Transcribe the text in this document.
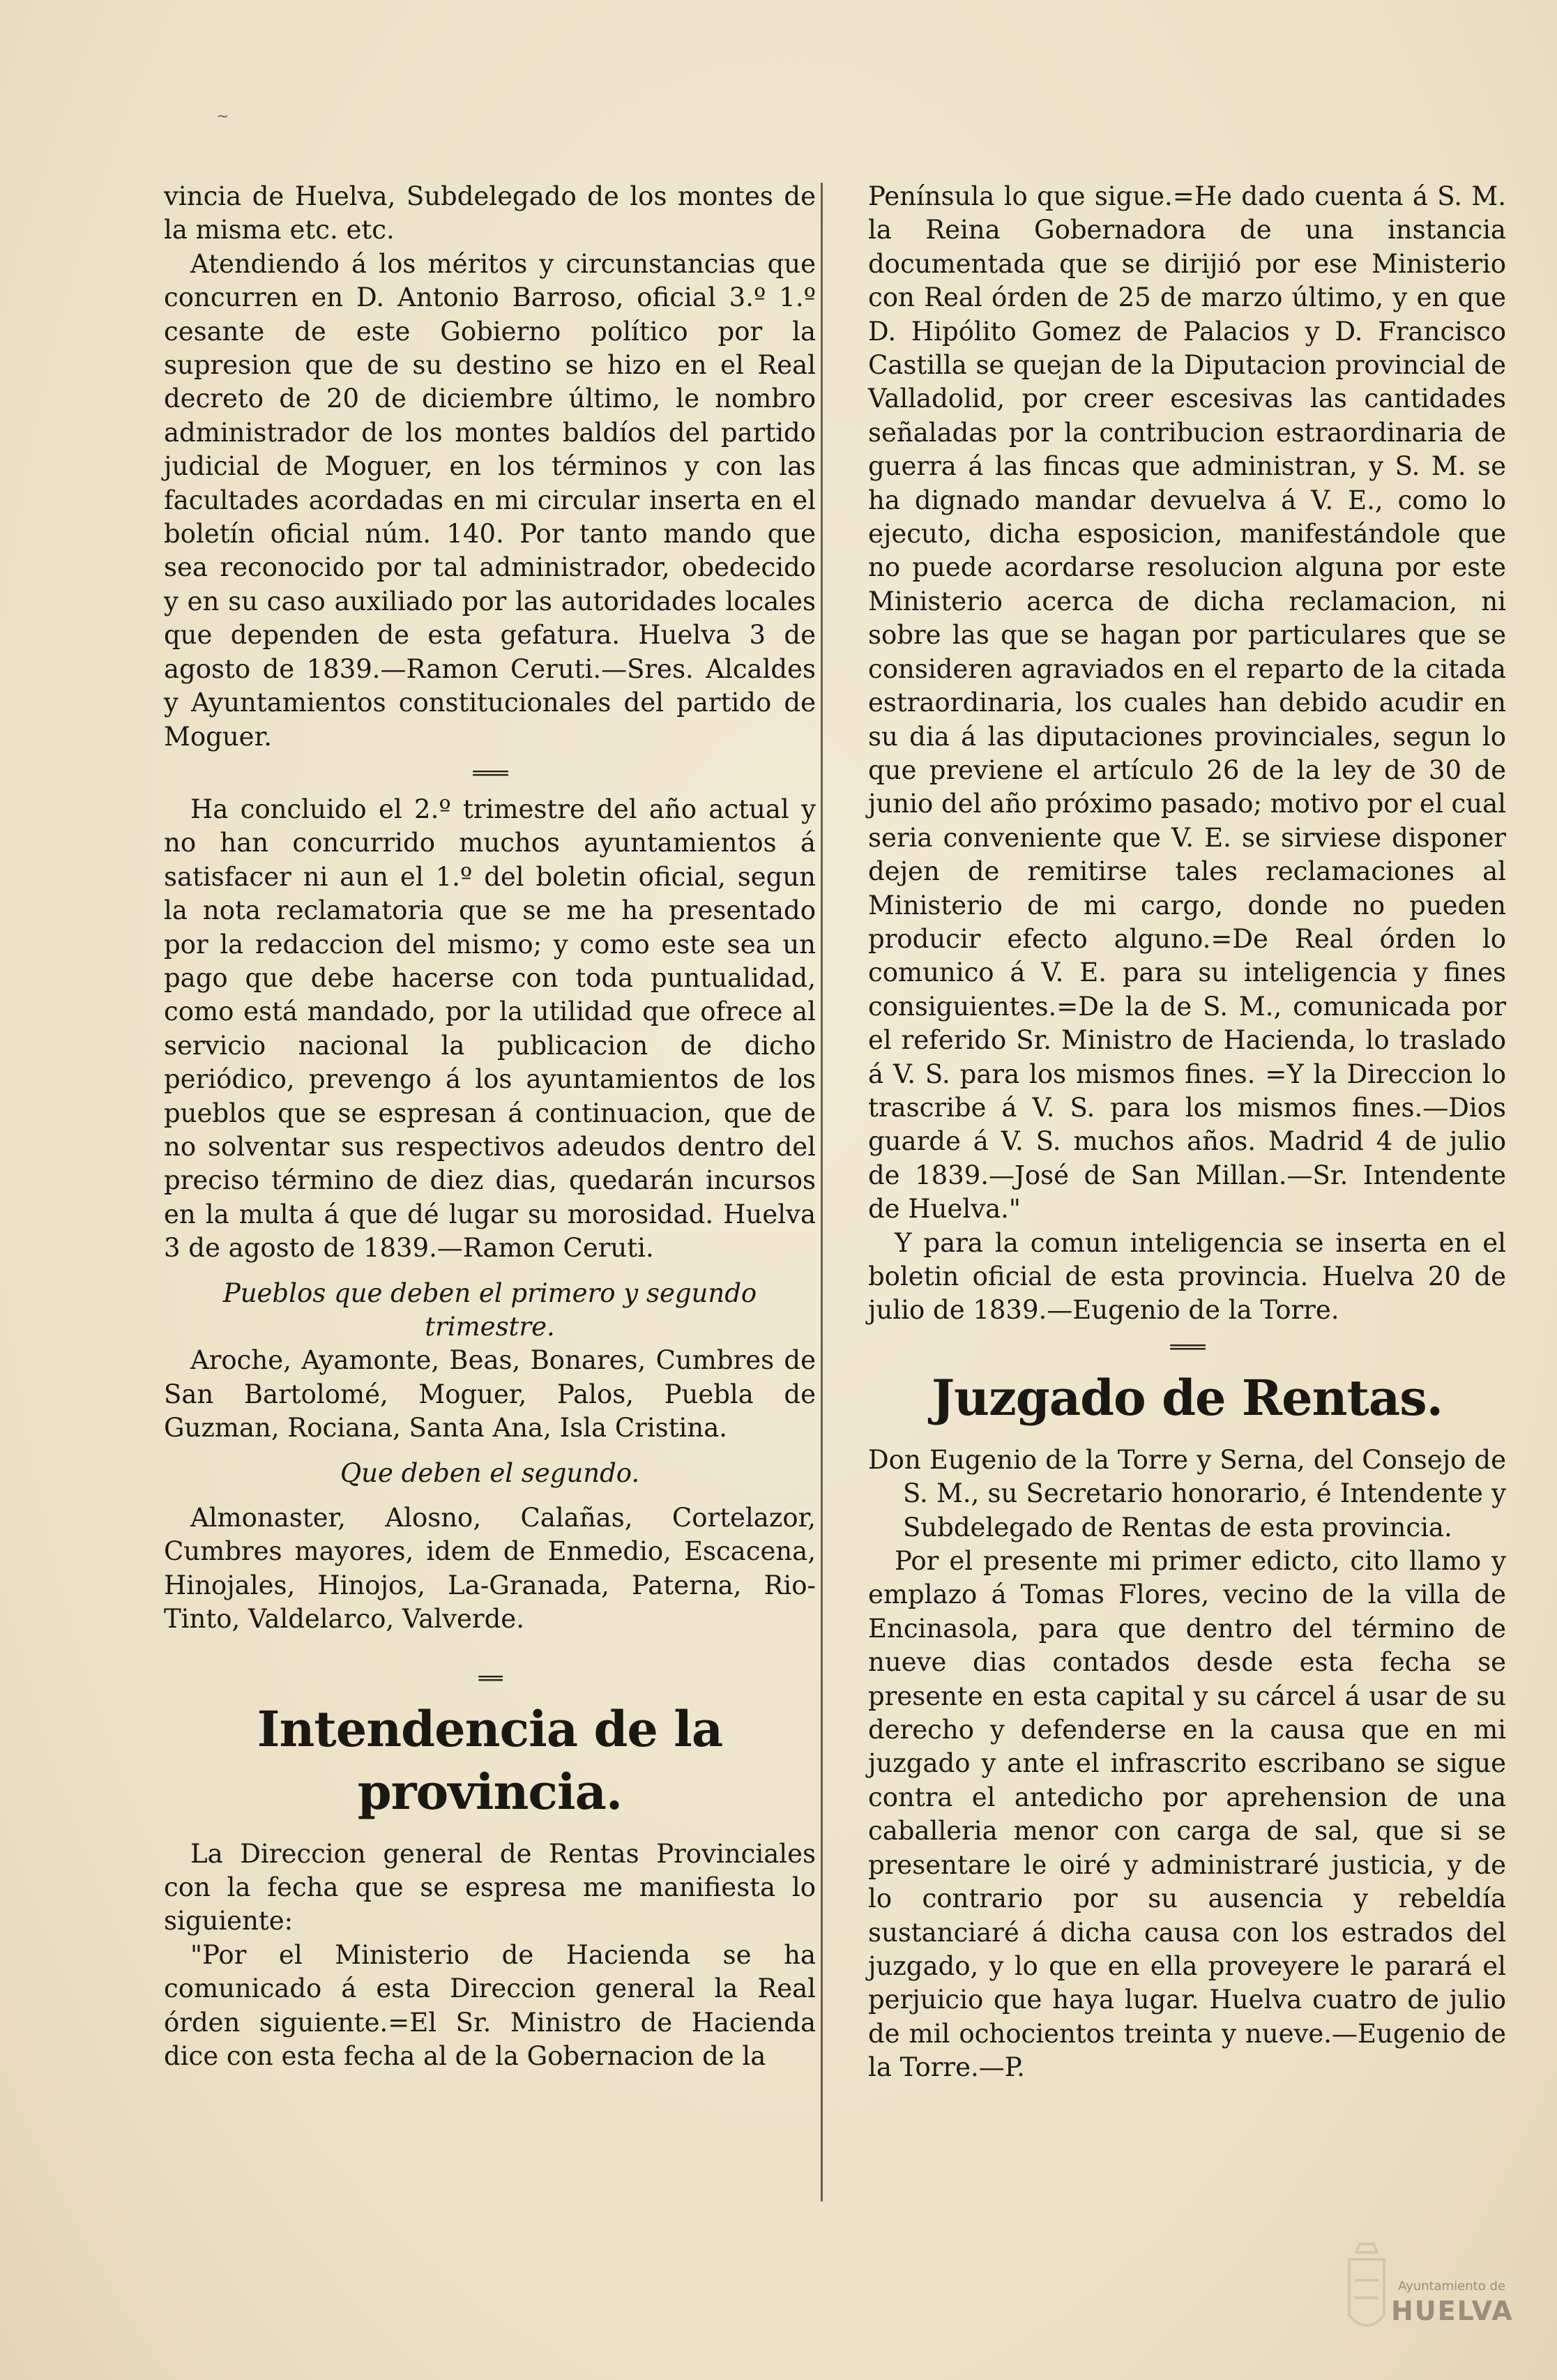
~

vincia de Huelva, Subdelegado de los montes de la misma etc. etc.

Atendiendo á los méritos y circunstancias que concurren en D. Antonio Barroso, oficial 3.º 1.º cesante de este Gobierno político por la supresion que de su destino se hizo en el Real decreto de 20 de diciembre último, le nombro administrador de los montes baldíos del partido judicial de Moguer, en los términos y con las facultades acordadas en mi circular inserta en el boletín oficial núm. 140. Por tanto mando que sea reconocido por tal administrador, obedecido y en su caso auxiliado por las autoridades locales que dependen de esta gefatura. Huelva 3 de agosto de 1839.—Ramon Ceruti.—Sres. Alcaldes y Ayuntamientos constitucionales del partido de Moguer.

═══

Ha concluido el 2.º trimestre del año actual y no han concurrido muchos ayuntamientos á satisfacer ni aun el 1.º del boletin oficial, segun la nota reclamatoria que se me ha presentado por la redaccion del mismo; y como este sea un pago que debe hacerse con toda puntualidad, como está mandado, por la utilidad que ofrece al servicio nacional la publicacion de dicho periódico, prevengo á los ayuntamientos de los pueblos que se espresan á continuacion, que de no solventar sus respectivos adeudos dentro del preciso término de diez dias, quedarán incursos en la multa á que dé lugar su morosidad. Huelva 3 de agosto de 1839.—Ramon Ceruti.

Pueblos que deben el primero y segundo trimestre.

Aroche, Ayamonte, Beas, Bonares, Cumbres de San Bartolomé, Moguer, Palos, Puebla de Guzman, Rociana, Santa Ana, Isla Cristina.

Que deben el segundo.

Almonaster, Alosno, Calañas, Cortelazor, Cumbres mayores, idem de Enmedio, Escacena, Hinojales, Hinojos, La-Granada, Paterna, Rio-Tinto, Valdelarco, Valverde.

══
Intendencia de la provincia.

La Direccion general de Rentas Provinciales con la fecha que se espresa me manifiesta lo siguiente:

"Por el Ministerio de Hacienda se ha comunicado á esta Direccion general la Real órden siguiente.=El Sr. Ministro de Hacienda dice con esta fecha al de la Gobernacion de la

Península lo que sigue.=He dado cuenta á S. M. la Reina Gobernadora de una instancia documentada que se dirijió por ese Ministerio con Real órden de 25 de marzo último, y en que D. Hipólito Gomez de Palacios y D. Francisco Castilla se quejan de la Diputacion provincial de Valladolid, por creer escesivas las cantidades señaladas por la contribucion estraordinaria de guerra á las fincas que administran, y S. M. se ha dignado mandar devuelva á V. E., como lo ejecuto, dicha esposicion, manifestándole que no puede acordarse resolucion alguna por este Ministerio acerca de dicha reclamacion, ni sobre las que se hagan por particulares que se consideren agraviados en el reparto de la citada estraordinaria, los cuales han debido acudir en su dia á las diputaciones provinciales, segun lo que previene el artículo 26 de la ley de 30 de junio del año próximo pasado; motivo por el cual seria conveniente que V. E. se sirviese disponer dejen de remitirse tales reclamaciones al Ministerio de mi cargo, donde no pueden producir efecto alguno.=De Real órden lo comunico á V. E. para su inteligencia y fines consiguientes.=De la de S. M., comunicada por el referido Sr. Ministro de Hacienda, lo traslado á V. S. para los mismos fines. =Y la Direccion lo trascribe á V. S. para los mismos fines.—Dios guarde á V. S. muchos años. Madrid 4 de julio de 1839.—José de San Millan.—Sr. Intendente de Huelva."

Y para la comun inteligencia se inserta en el boletin oficial de esta provincia. Huelva 20 de julio de 1839.—Eugenio de la Torre.

═══
Juzgado de Rentas.

Don Eugenio de la Torre y Serna, del Consejo de S. M., su Secretario honorario, é Intendente y Subdelegado de Rentas de esta provincia.

Por el presente mi primer edicto, cito llamo y emplazo á Tomas Flores, vecino de la villa de Encinasola, para que dentro del término de nueve dias contados desde esta fecha se presente en esta capital y su cárcel á usar de su derecho y defenderse en la causa que en mi juzgado y ante el infrascrito escribano se sigue contra el antedicho por aprehension de una caballeria menor con carga de sal, que si se presentare le oiré y administraré justicia, y de lo contrario por su ausencia y rebeldía sustanciaré á dicha causa con los estrados del juzgado, y lo que en ella proveyere le parará el perjuicio que haya lugar. Huelva cuatro de julio de mil ochocientos treinta y nueve.—Eugenio de la Torre.—P.

Ayuntamiento de
HUELVA
